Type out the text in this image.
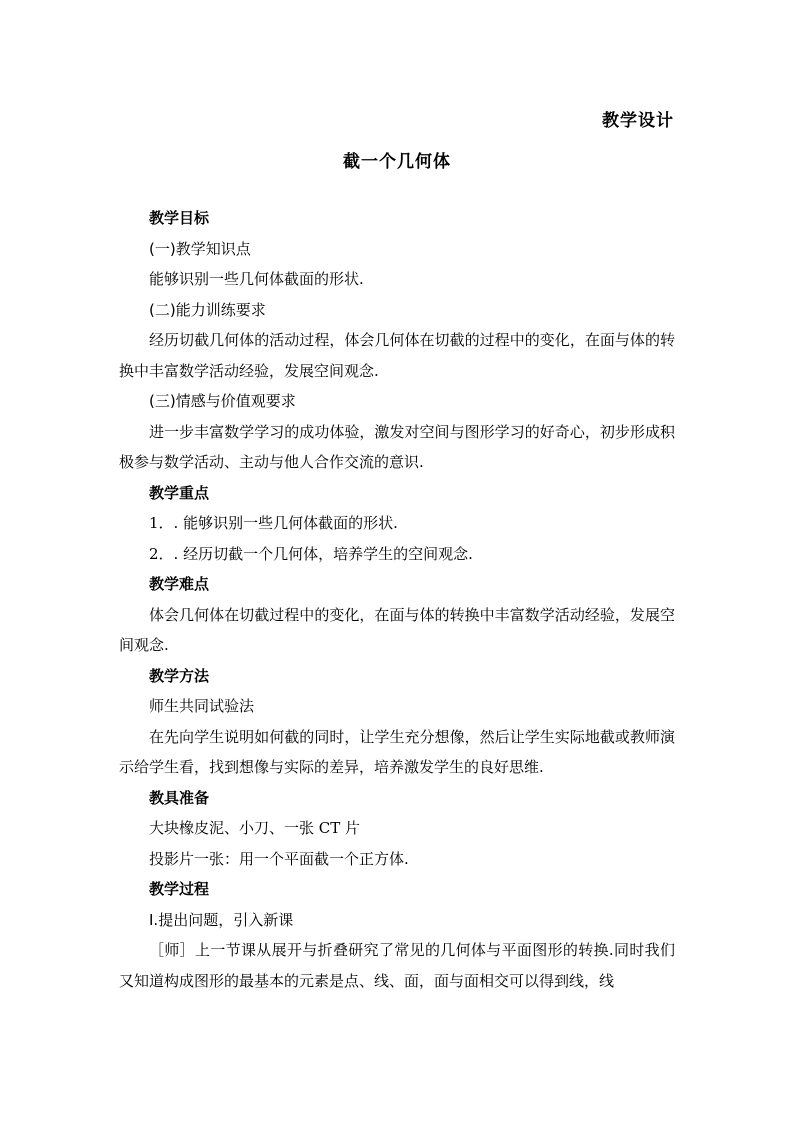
教学设计
截一个几何体

教学目标

(一)教学知识点

能够识别一些几何体截面的形状.

(二)能力训练要求

经历切截几何体的活动过程，体会几何体在切截的过程中的变化，在面与体的转换中丰富数学活动经验，发展空间观念.

(三)情感与价值观要求

进一步丰富数学学习的成功体验，激发对空间与图形学习的好奇心，初步形成积极参与数学活动、主动与他人合作交流的意识.

教学重点

1．. 能够识别一些几何体截面的形状.

2．. 经历切截一个几何体，培养学生的空间观念.

教学难点

体会几何体在切截过程中的变化，在面与体的转换中丰富数学活动经验，发展空间观念.

教学方法

师生共同试验法

在先向学生说明如何截的同时，让学生充分想像，然后让学生实际地截或教师演示给学生看，找到想像与实际的差异，培养激发学生的良好思维.

教具准备

大块橡皮泥、小刀、一张 CT 片

投影片一张：用一个平面截一个正方体.

教学过程

Ⅰ.提出问题，引入新课

［师］上一节课从展开与折叠研究了常见的几何体与平面图形的转换.同时我们又知道构成图形的最基本的元素是点、线、面，面与面相交可以得到线，线
